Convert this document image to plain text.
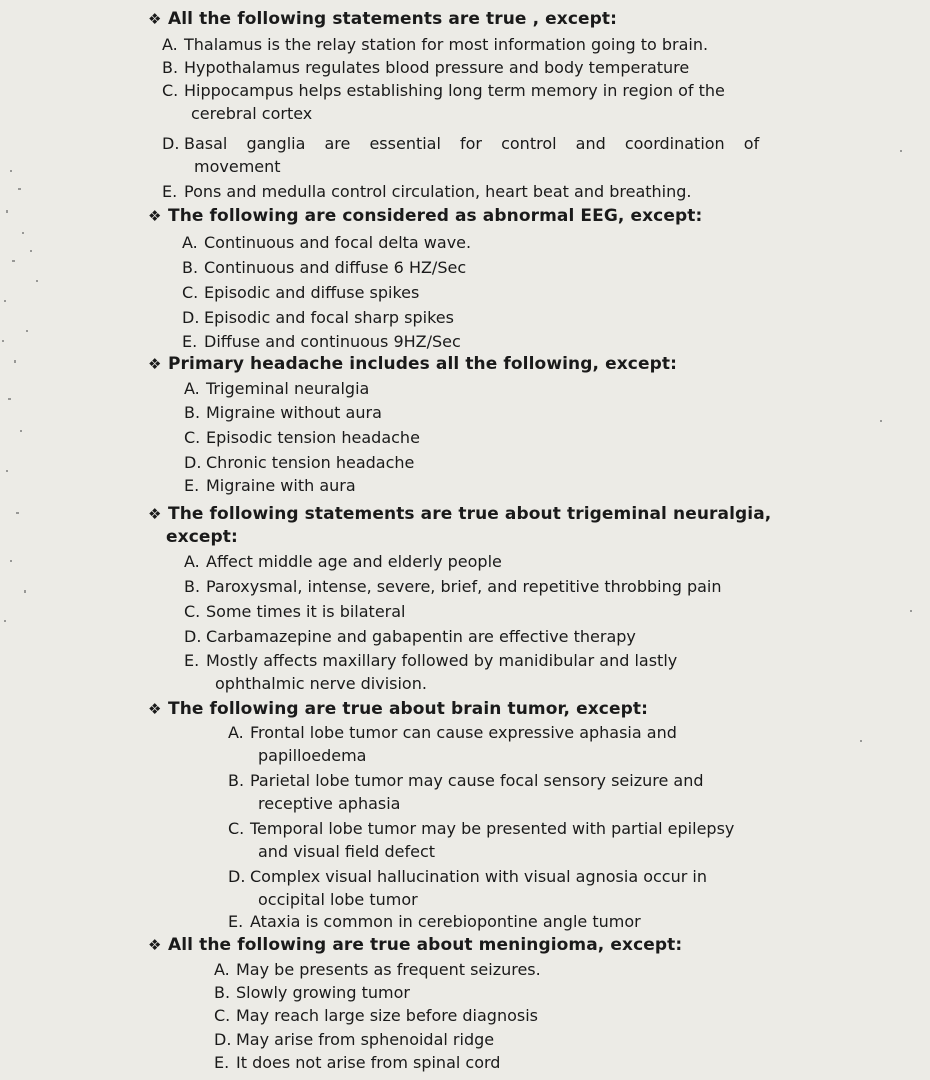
❖ All the following statements are true , except:
A. Thalamus is the relay station for most information going to brain.
B. Hypothalamus regulates blood pressure and body temperature
C. Hippocampus helps establishing long term memory in region of the
cerebral cortex
D. Basal ganglia are essential for control and coordination of
movement
E. Pons and medulla control circulation, heart beat and breathing.
❖ The following are considered as abnormal EEG, except:
A. Continuous and focal delta wave.
B. Continuous and diffuse 6 HZ/Sec
C. Episodic and diffuse spikes
D. Episodic and focal sharp spikes
E. Diffuse and continuous 9HZ/Sec
❖ Primary headache includes all the following, except:
A. Trigeminal neuralgia
B. Migraine without aura
C. Episodic tension headache
D. Chronic tension headache
E. Migraine with aura
❖ The following statements are true about trigeminal neuralgia,
except:
A. Affect middle age and elderly people
B. Paroxysmal, intense, severe, brief, and repetitive throbbing pain
C. Some times it is bilateral
D. Carbamazepine and gabapentin are effective therapy
E. Mostly affects maxillary followed by manidibular and lastly
ophthalmic nerve division.
❖ The following are true about brain tumor, except:
A. Frontal lobe tumor can cause expressive aphasia and
papilloedema
B. Parietal lobe tumor may cause focal sensory seizure and
receptive aphasia
C. Temporal lobe tumor may be presented with partial epilepsy
and visual field defect
D. Complex visual hallucination with visual agnosia occur in
occipital lobe tumor
E. Ataxia is common in cerebiopontine angle tumor
❖ All the following are true about meningioma, except:
A. May be presents as frequent seizures.
B. Slowly growing tumor
C. May reach large size before diagnosis
D. May arise from sphenoidal ridge
E. It does not arise from spinal cord
